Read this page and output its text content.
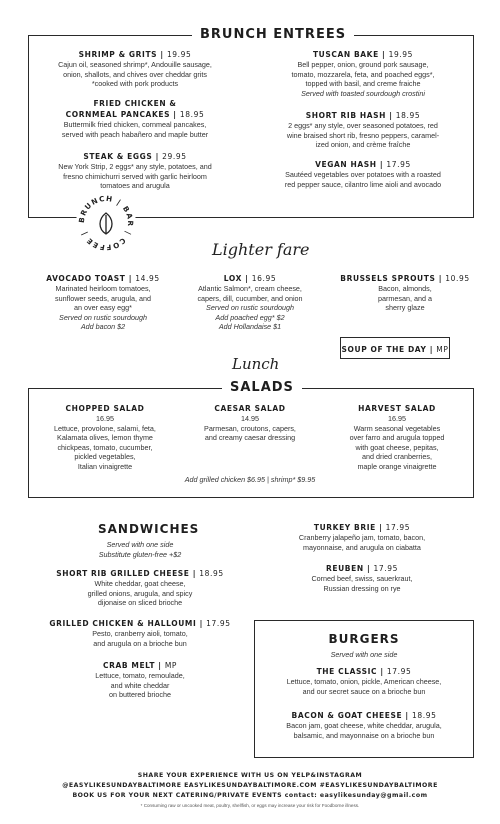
BRUNCH ENTREES
SHRIMP & GRITS | 19.95
Cajun oil, seasoned shrimp*, Andouille sausage,
onion, shallots, and chives over cheddar grits
*cooked with pork products
FRIED CHICKEN &
CORNMEAL PANCAKES | 18.95
Buttermilk fried chicken, cornmeal pancakes,
served with peach habañero and maple butter
STEAK & EGGS | 29.95
New York Strip, 2 eggs* any style, potatoes, and
fresno chimichurri served with garlic heirloom
tomatoes and arugula
TUSCAN BAKE | 19.95
Bell pepper, onion, ground pork sausage,
tomato, mozzarela, feta, and poached eggs*,
topped with basil, and creme fraiche
Served with toasted sourdough crostini
SHORT RIB HASH | 18.95
2 eggs* any style, over seasoned potatoes, red
wine braised short rib, fresno peppers, caramel-
ized onion, and crème fraîche
VEGAN HASH | 17.95
Sautéed vegetables over potatoes with a roasted
red pepper sauce, cilantro lime aioli and avocado
BRUNCH | BAR | COFFEE |
Lighter fare
AVOCADO TOAST | 14.95
Marinated heirloom tomatoes,
sunflower seeds, arugula, and
an over easy egg*
Served on rustic sourdough
Add bacon $2
LOX | 16.95
Atlantic Salmon*, cream cheese,
capers, dill, cucumber, and onion
Served on rustic sourdough
Add poached egg* $2
Add Hollandaise $1
BRUSSELS SPROUTS | 10.95
Bacon, almonds,
parmesan, and a
sherry glaze
SOUP OF THE DAY | MP
Lunch
SALADS
CHOPPED SALAD
16.95
Lettuce, provolone, salami, feta,
Kalamata olives, lemon thyme
chickpeas, tomato, cucumber,
pickled vegetables,
Italian vinaigrette
CAESAR SALAD
14.95
Parmesan, croutons, capers,
and creamy caesar dressing
HARVEST SALAD
16.95
Warm seasonal vegetables
over farro and arugula topped
with goat cheese, pepitas,
and dried cranberries,
maple orange vinaigrette
Add grilled chicken $6.95 | shrimp* $9.95
SANDWICHES
Served with one side
Substitute gluten-free +$2
SHORT RIB GRILLED CHEESE | 18.95
White cheddar, goat cheese,
grilled onions, arugula, and spicy
dijonaise on sliced brioche
GRILLED CHICKEN & HALLOUMI | 17.95
Pesto, cranberry aioli, tomato,
and arugula on a brioche bun
CRAB MELT | MP
Lettuce, tomato, remoulade,
and white cheddar
on buttered brioche
TURKEY BRIE | 17.95
Cranberry jalapeño jam, tomato, bacon,
mayonnaise, and arugula on ciabatta
REUBEN | 17.95
Corned beef, swiss, sauerkraut,
Russian dressing on rye
BURGERS
Served with one side
THE CLASSIC | 17.95
Lettuce, tomato, onion, pickle, American cheese,
and our secret sauce on a brioche bun
BACON & GOAT CHEESE | 18.95
Bacon jam, goat cheese, white cheddar, arugula,
balsamic, and mayonnaise on a brioche bun
SHARE YOUR EXPERIENCE WITH US ON YELP&INSTAGRAM
@EASYLIKESUNDAYBALTIMORE EASYLIKESUNDAYBALTIMORE.COM #EASYLIKESUNDAYBALTIMORE
BOOK US FOR YOUR NEXT CATERING/PRIVATE EVENTS contact: easylikesunday@gmail.com
* Consuming raw or uncooked meat, poultry, shellfish, or eggs may increase your risk for Foodborne illness.
